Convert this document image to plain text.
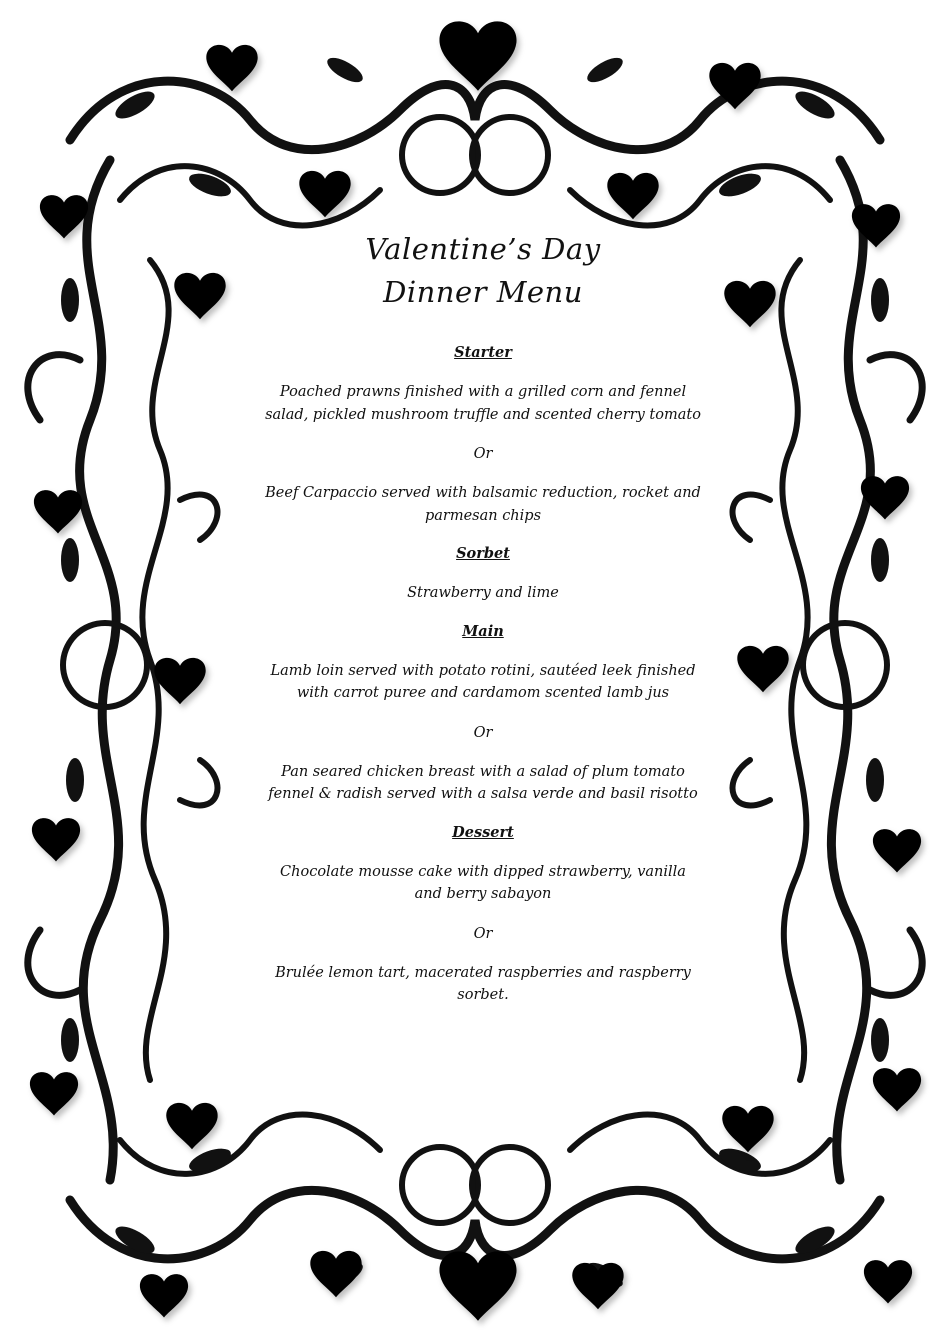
Valentine’s Day
Dinner Menu
Starter
Poached prawns finished with a grilled corn and fennel salad, pickled mushroom truffle and scented cherry tomato
Or
Beef Carpaccio served with balsamic reduction, rocket and parmesan chips
Sorbet
Strawberry and lime
Main
Lamb loin served with potato rotini, sautéed leek finished with carrot puree and cardamom scented lamb jus
Or
Pan seared chicken breast with a salad of plum tomato fennel & radish served with a salsa verde and basil risotto
Dessert
Chocolate mousse cake with dipped strawberry, vanilla and berry sabayon
Or
Brulée lemon tart, macerated raspberries and raspberry sorbet.
